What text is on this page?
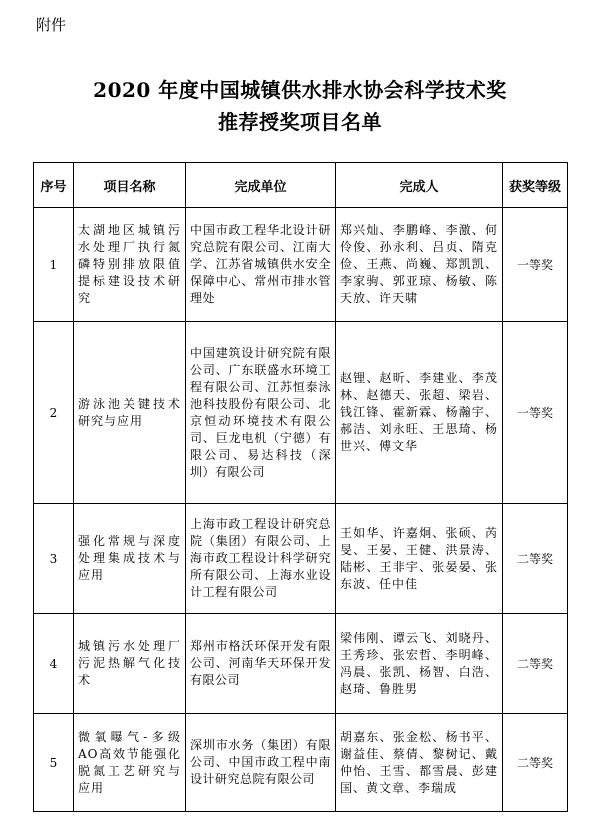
附件
2020 年度中国城镇供水排水协会科学技术奖
推荐授奖项目名单
序号	项目名称	完成单位	完成人	获奖等级
1	太湖地区城镇污水处理厂执行氮磷特别排放限值提标建设技术研究	中国市政工程华北设计研究总院有限公司、江南大学、江苏省城镇供水安全保障中心、常州市排水管理处	郑兴灿、李鹏峰、李激、何伶俊、孙永利、吕贞、隋克俭、王燕、尚巍、郑凯凯、李家驹、郭亚琼、杨敏、陈天放、许天啸	一等奖
2	游泳池关键技术研究与应用	中国建筑设计研究院有限公司、广东联盛水环境工程有限公司、江苏恒泰泳池科技股份有限公司、北京恒动环境技术有限公司、巨龙电机（宁德）有限公司、易达科技（深圳）有限公司	赵锂、赵昕、李建业、李茂林、赵德天、张超、梁岩、钱江锋、霍新霖、杨瀚宇、郝洁、刘永旺、王思琦、杨世兴、傅文华	一等奖
3	强化常规与深度处理集成技术与应用	上海市政工程设计研究总院（集团）有限公司、上海市政工程设计科学研究所有限公司、上海水业设计工程有限公司	王如华、许嘉炯、张硕、芮旻、王晏、王健、洪景涛、陆彬、王非宇、张晏晏、张东波、任中佳	二等奖
4	城镇污水处理厂污泥热解气化技术	郑州市格沃环保开发有限公司、河南华天环保开发有限公司	梁伟刚、谭云飞、刘晓丹、王秀珍、张宏哲、李明峰、冯晨、张凯、杨智、白浩、赵琦、鲁胜男	二等奖
5	微氧曝气-多级AO高效节能强化脱氮工艺研究与应用	深圳市水务（集团）有限公司、中国市政工程中南设计研究总院有限公司	胡嘉东、张金松、杨书平、谢益佳、蔡倩、黎树记、戴仲怡、王雪、都雪晨、彭建国、黄文章、李瑞成	二等奖
